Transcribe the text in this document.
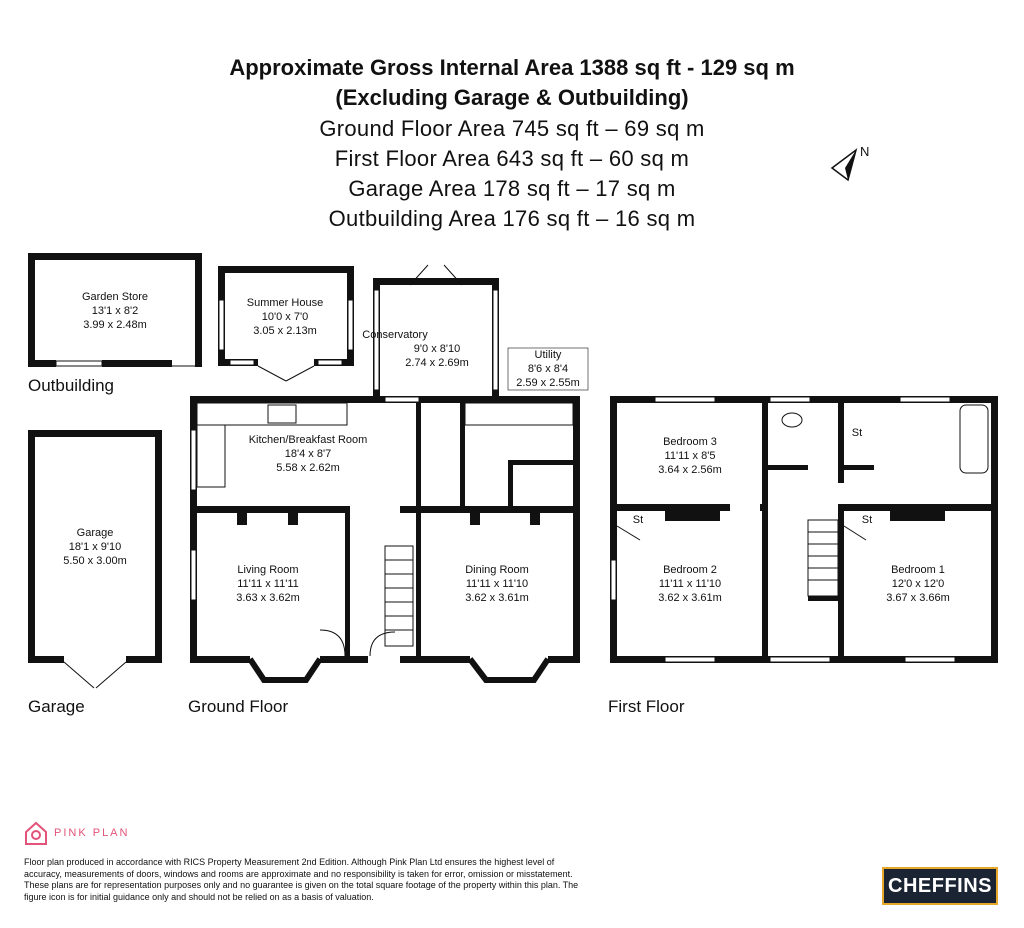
Approximate Gross Internal Area 1388 sq ft - 129 sq m
(Excluding Garage & Outbuilding)
Ground Floor Area 745 sq ft – 69 sq m
First Floor Area 643 sq ft – 60 sq m
Garage Area 178 sq ft – 17 sq m
Outbuilding Area 176 sq ft – 16 sq m
N
Garden Store
13'1 x 8'2
3.99 x 2.48m
Summer House
10'0 x 7'0
3.05 x 2.13m
Outbuilding
Garage
18'1 x 9'10
5.50 x 3.00m
Garage
Conservatory
9'0 x 8'10
2.74 x 2.69m
Utility
8'6 x 8'4
2.59 x 2.55m
Kitchen/Breakfast Room
18'4 x 8'7
5.58 x 2.62m
Living Room
11'11 x 11'11
3.63 x 3.62m
Dining Room
11'11 x 11'10
3.62 x 3.61m
Ground Floor
St
St	St
Bedroom 3
11'11 x 8'5
3.64 x 2.56m
Bedroom 2
11'11 x 11'10
3.62 x 3.61m
Bedroom 1
12'0 x 12'0
3.67 x 3.66m
First Floor
PINK PLAN
Floor plan produced in accordance with RICS Property Measurement 2nd Edition. Although Pink Plan Ltd ensures the highest level of accuracy, measurements of doors, windows and rooms are approximate and no responsibility is taken for error, omission or misstatement. These plans are for representation purposes only and no guarantee is given on the total square footage of the property within this plan. The figure icon is for initial guidance only and should not be relied on as a basis of valuation.	CHEFFINS
